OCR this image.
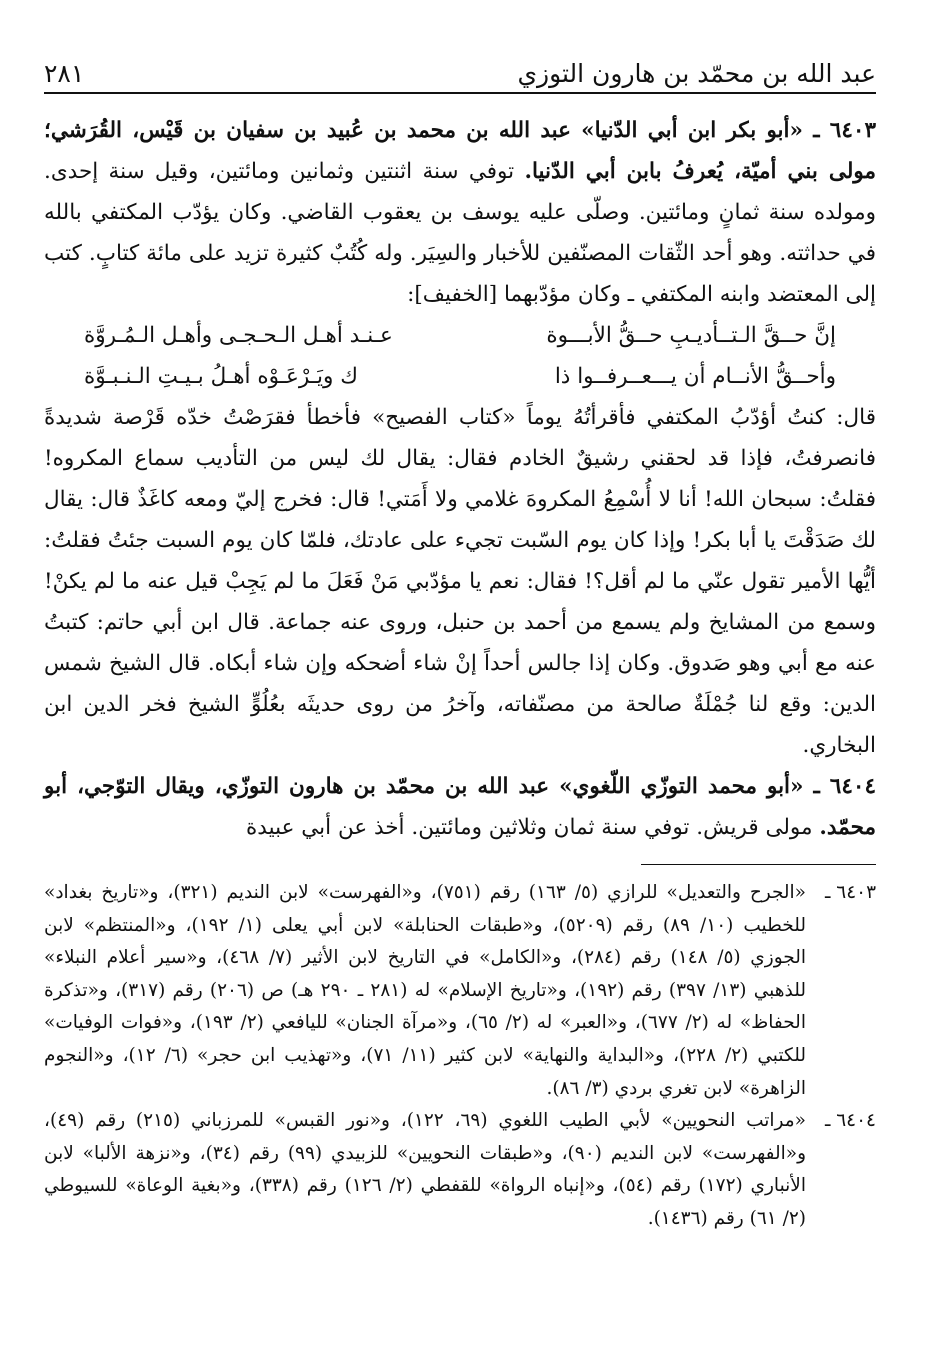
عبد الله بن محمّد بن هارون التوزي
٢٨١

٦٤٠٣ ـ «أبو بكر ابن أبي الدّنيا» عبد الله بن محمد بن عُبيد بن سفيان بن قَيْس، القُرَشي؛ مولى بني أميّة، يُعرفُ بابن أبي الدّنيا. توفي سنة اثنتين وثمانين ومائتين، وقيل سنة إحدى. ومولده سنة ثمانٍ ومائتين. وصلّى عليه يوسف بن يعقوب القاضي. وكان يؤدّب المكتفي بالله في حداثته. وهو أحد الثّقات المصنّفين للأخبار والسِيَر. وله كُتُبٌ كثيرة تزيد على مائة كتابٍ. كتب إلى المعتضد وابنه المكتفي ـ وكان مؤدّبهما [الخفيف]:

إنَّ حــقَّ الـتــأديـبِ حــقُّ الأبـــوة
عـنـد أهـل الـحـجـى وأهـل الـمُـروَّة
وأحــقُّ الأنــام أن يـــعــرفــوا ذا
ك ويَـرْعَـوْه أهـلُ بـيـتِ الـنـبـوَّة

قال: كنتُ أؤدّبُ المكتفي فأقرأتُهُ يوماً «كتاب الفصيح» فأخطأ فقرَصْتُ خدّه قَرْصة شديدةً فانصرفتُ، فإذا قد لحقني رشيقٌ الخادم فقال: يقال لك ليس من التأديب سماع المكروه! فقلتُ: سبحان الله! أنا لا أُسْمِعُ المكروهَ غلامي ولا أَمَتي! قال: فخرج إليّ ومعه كاغَذٌ قال: يقال لك صَدَقْتَ يا أبا بكر! وإذا كان يوم السّبت تجيء على عادتك، فلمّا كان يوم السبت جئتُ فقلتُ: أيُّها الأمير تقول عنّي ما لم أقل؟! فقال: نعم يا مؤدّبي مَنْ فَعَلَ ما لم يَجِبْ قيل عنه ما لم يكنْ! وسمع من المشايخ ولم يسمع من أحمد بن حنبل، وروى عنه جماعة. قال ابن أبي حاتم: كتبتُ عنه مع أبي وهو صَدوق. وكان إذا جالس أحداً إنْ شاء أضحكه وإن شاء أبكاه. قال الشيخ شمس الدين: وقع لنا جُمْلَةٌ صالحة من مصنّفاته، وآخرُ من روى حديثَه بعُلُوٍّ الشيخ فخر الدين ابن البخاري.

٦٤٠٤ ـ «أبو محمد التوزّي اللّغوي» عبد الله بن محمّد بن هارون التوزّي، ويقال التوّجي، أبو محمّد. مولى قريش. توفي سنة ثمان وثلاثين ومائتين. أخذ عن أبي عبيدة

٦٤٠٣ ـ«الجرح والتعديل» للرازي (٥/ ١٦٣) رقم (٧٥١)، و«الفهرست» لابن النديم (٣٢١)، و«تاريخ بغداد» للخطيب (١٠/ ٨٩) رقم (٥٢٠٩)، و«طبقات الحنابلة» لابن أبي يعلى (١/ ١٩٢)، و«المنتظم» لابن الجوزي (٥/ ١٤٨) رقم (٢٨٤)، و«الكامل» في التاريخ لابن الأثير (٧/ ٤٦٨)، و«سير أعلام النبلاء» للذهبي (١٣/ ٣٩٧) رقم (١٩٢)، و«تاريخ الإسلام» له (٢٨١ ـ ٢٩٠ هـ) ص (٢٠٦) رقم (٣١٧)، و«تذكرة الحفاظ» له (٢/ ٦٧٧)، و«العبر» له (٢/ ٦٥)، و«مرآة الجنان» لليافعي (٢/ ١٩٣)، و«فوات الوفيات» للكتبي (٢/ ٢٢٨)، و«البداية والنهاية» لابن كثير (١١/ ٧١)، و«تهذيب ابن حجر» (٦/ ١٢)، و«النجوم الزاهرة» لابن تغري بردي (٣/ ٨٦).

٦٤٠٤ ـ«مراتب النحويين» لأبي الطيب اللغوي (٦٩، ١٢٢)، و«نور القبس» للمرزباني (٢١٥) رقم (٤٩)، و«الفهرست» لابن النديم (٩٠)، و«طبقات النحويين» للزبيدي (٩٩) رقم (٣٤)، و«نزهة الألبا» لابن الأنباري (١٧٢) رقم (٥٤)، و«إنباه الرواة» للقفطي (٢/ ١٢٦) رقم (٣٣٨)، و«بغية الوعاة» للسيوطي (٢/ ٦١) رقم (١٤٣٦).
